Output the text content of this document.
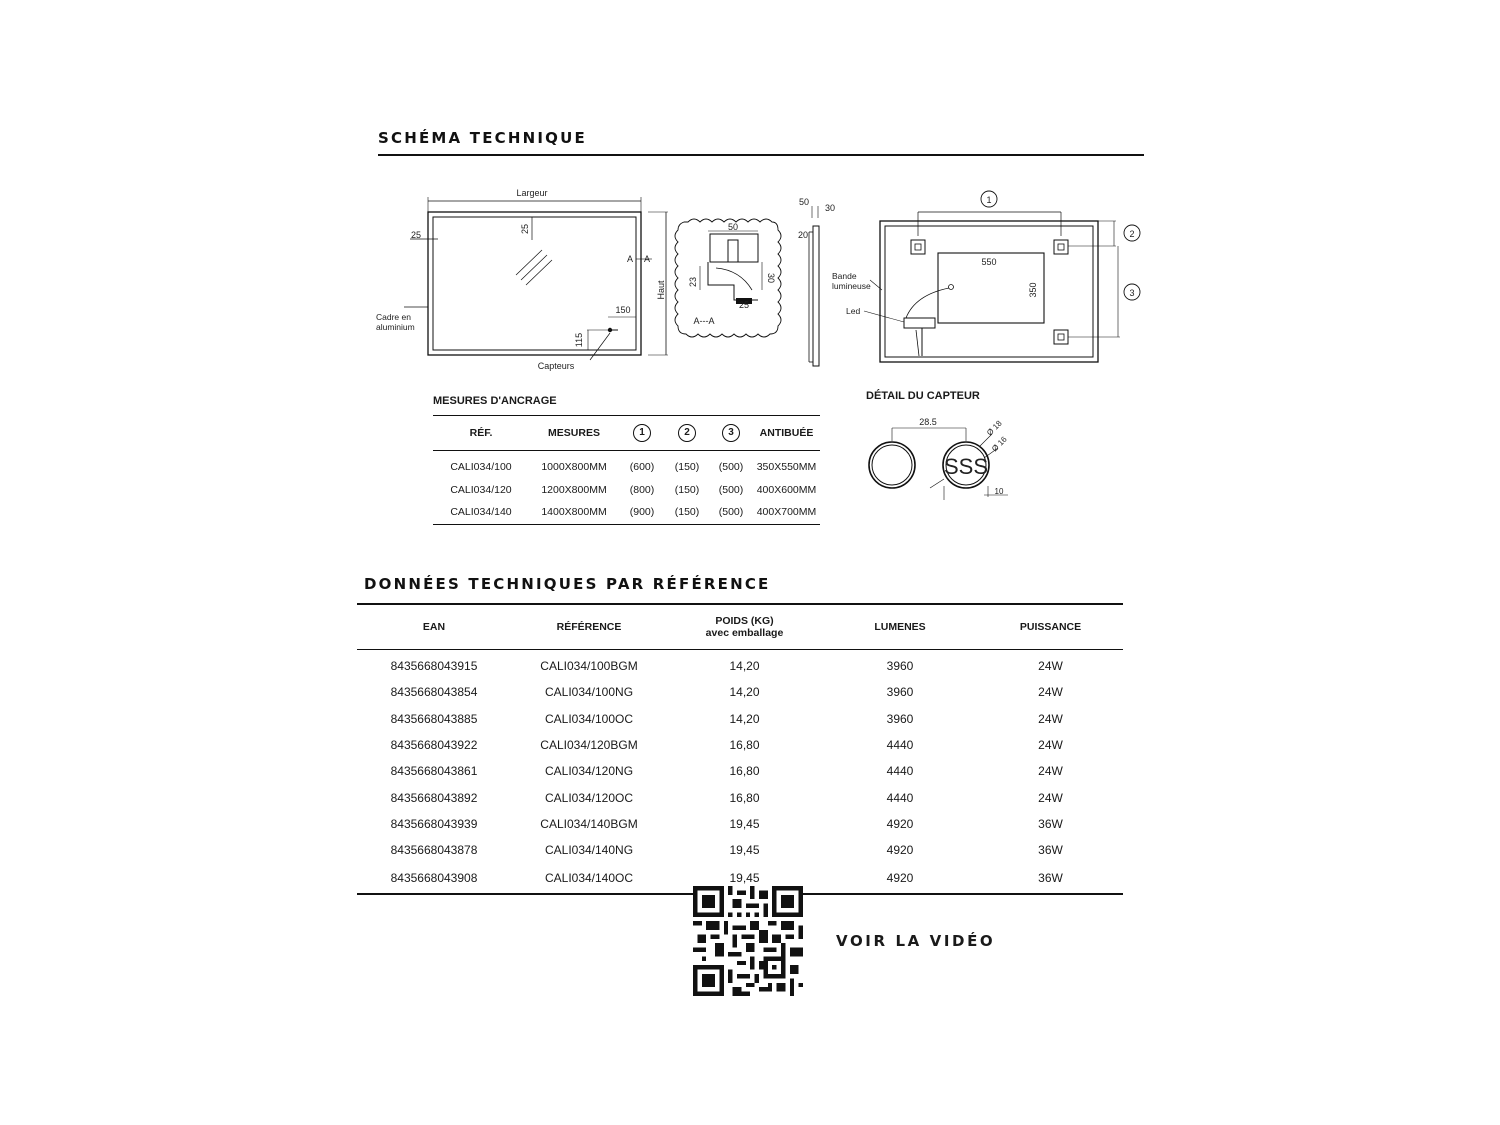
SCHÉMA TECHNIQUE
Largeur
Haut
25
25
Cadre en
aluminium
150
115
Capteurs
A A
50
23	30
25
A---A
50
30
20
1
2
3
550
350
Bande
lumineuse
Led
MESURES D'ANCRAGE
RÉF.	MESURES	1	2	3	ANTIBUÉE
CALI034/100	1000X800MM	(600)	(150)	(500)	350X550MM
CALI034/120	1200X800MM	(800)	(150)	(500)	400X600MM
CALI034/140	1400X800MM	(900)	(150)	(500)	400X700MM
DÉTAIL DU CAPTEUR
28.5
SSS
Ø 18
Ø 16
10
DONNÉES TECHNIQUES PAR RÉFÉRENCE
EAN	RÉFÉRENCE	POIDS (KG)
avec emballage	LUMENES	PUISSANCE
8435668043915	CALI034/100BGM	14,20	3960	24W
8435668043854	CALI034/100NG	14,20	3960	24W
8435668043885	CALI034/100OC	14,20	3960	24W
8435668043922	CALI034/120BGM	16,80	4440	24W
8435668043861	CALI034/120NG	16,80	4440	24W
8435668043892	CALI034/120OC	16,80	4440	24W
8435668043939	CALI034/140BGM	19,45	4920	36W
8435668043878	CALI034/140NG	19,45	4920	36W
8435668043908	CALI034/140OC	19,45	4920	36W
VOIR LA VIDÉO
